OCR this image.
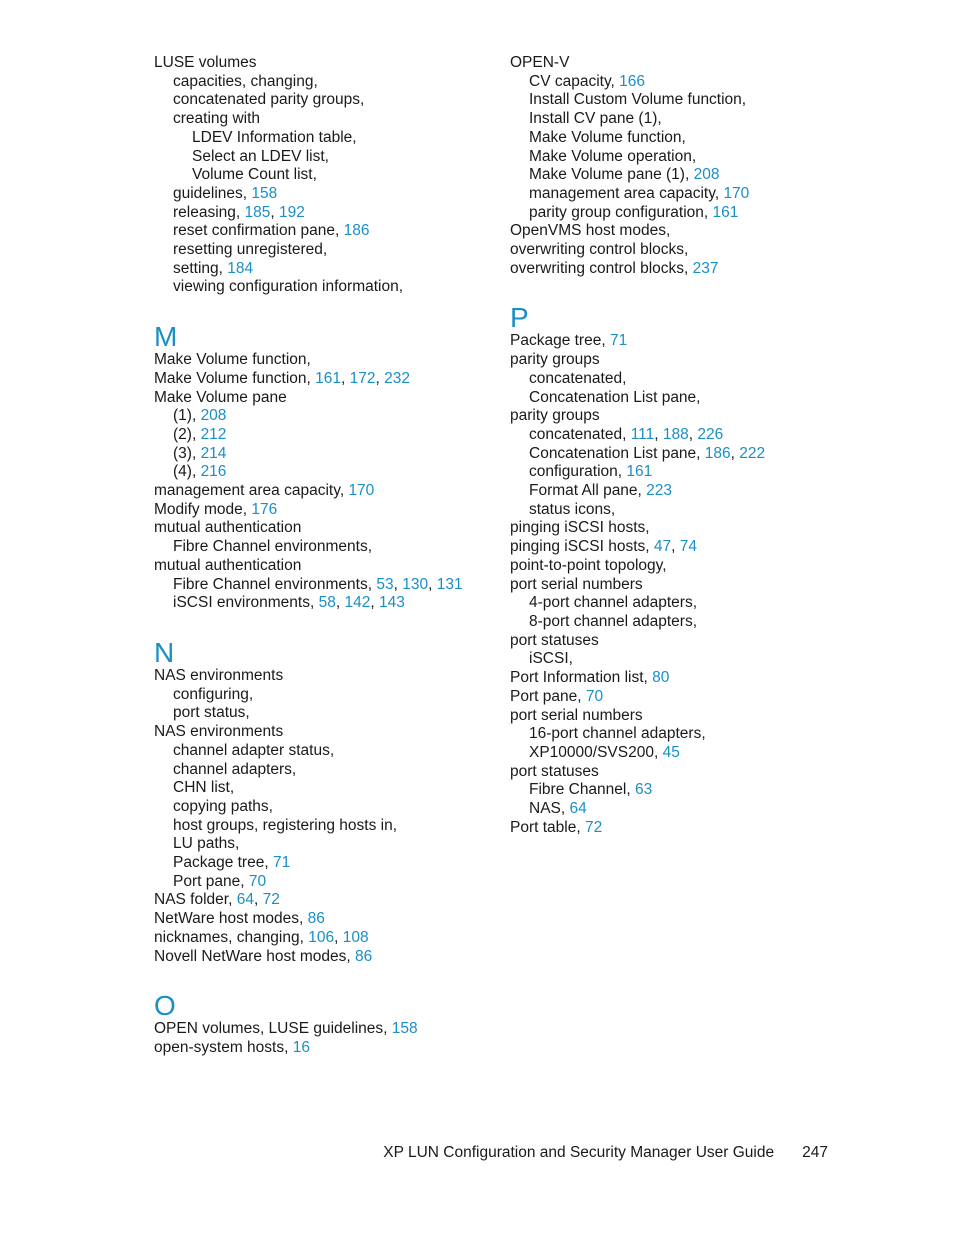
LUSE volumes
capacities, changing,
concatenated parity groups,
creating with
LDEV Information table,
Select an LDEV list,
Volume Count list,
guidelines, 158
releasing, 185, 192
reset confirmation pane, 186
resetting unregistered,
setting, 184
viewing configuration information,
M
Make Volume function,
Make Volume function, 161, 172, 232
Make Volume pane
(1), 208
(2), 212
(3), 214
(4), 216
management area capacity, 170
Modify mode, 176
mutual authentication
Fibre Channel environments,
mutual authentication
Fibre Channel environments, 53, 130, 131
iSCSI environments, 58, 142, 143
N
NAS environments
configuring,
port status,
NAS environments
channel adapter status,
channel adapters,
CHN list,
copying paths,
host groups, registering hosts in,
LU paths,
Package tree, 71
Port pane, 70
NAS folder, 64, 72
NetWare host modes, 86
nicknames, changing, 106, 108
Novell NetWare host modes, 86
O
OPEN volumes, LUSE guidelines, 158
open-system hosts, 16
OPEN-V
CV capacity, 166
Install Custom Volume function,
Install CV pane (1),
Make Volume function,
Make Volume operation,
Make Volume pane (1), 208
management area capacity, 170
parity group configuration, 161
OpenVMS host modes,
overwriting control blocks,
overwriting control blocks, 237
P
Package tree, 71
parity groups
concatenated,
Concatenation List pane,
parity groups
concatenated, 111, 188, 226
Concatenation List pane, 186, 222
configuration, 161
Format All pane, 223
status icons,
pinging iSCSI hosts,
pinging iSCSI hosts, 47, 74
point-to-point topology,
port serial numbers
4-port channel adapters,
8-port channel adapters,
port statuses
iSCSI,
Port Information list, 80
Port pane, 70
port serial numbers
16-port channel adapters,
XP10000/SVS200, 45
port statuses
Fibre Channel, 63
NAS, 64
Port table, 72
XP LUN Configuration and Security Manager User Guide 247
